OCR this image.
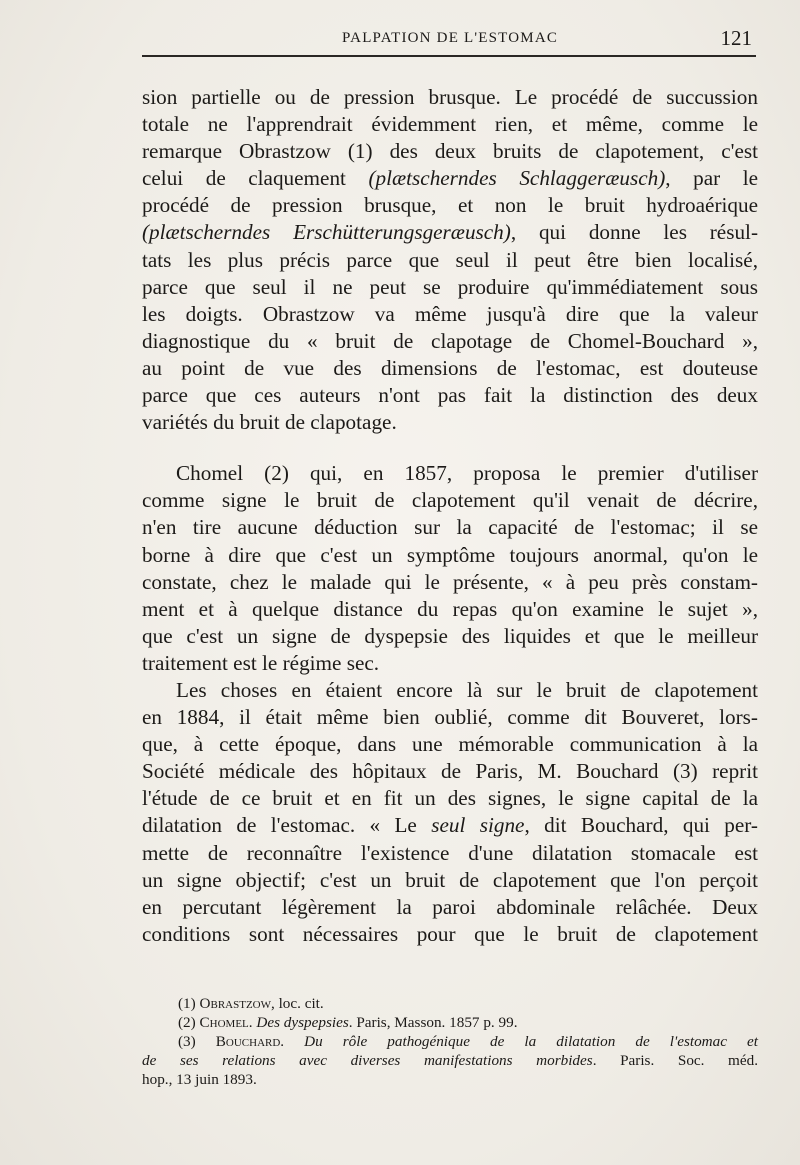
PALPATION DE L'ESTOMAC	121
sion partielle ou de pression brusque. Le procédé de succussion
totale ne l'apprendrait évidemment rien, et même, comme le
remarque Obrastzow (1) des deux bruits de clapotement, c'est
celui de claquement (plætscherndes Schlaggeræusch), par le
procédé de pression brusque, et non le bruit hydroaérique
(plætscherndes Erschütterungsgeræusch), qui donne les résul-
tats les plus précis parce que seul il peut être bien localisé,
parce que seul il ne peut se produire qu'immédiatement sous
les doigts. Obrastzow va même jusqu'à dire que la valeur
diagnostique du « bruit de clapotage de Chomel-Bouchard »,
au point de vue des dimensions de l'estomac, est douteuse
parce que ces auteurs n'ont pas fait la distinction des deux
variétés du bruit de clapotage.
Chomel (2) qui, en 1857, proposa le premier d'utiliser
comme signe le bruit de clapotement qu'il venait de décrire,
n'en tire aucune déduction sur la capacité de l'estomac; il se
borne à dire que c'est un symptôme toujours anormal, qu'on le
constate, chez le malade qui le présente, « à peu près constam-
ment et à quelque distance du repas qu'on examine le sujet »,
que c'est un signe de dyspepsie des liquides et que le meilleur
traitement est le régime sec.
Les choses en étaient encore là sur le bruit de clapotement
en 1884, il était même bien oublié, comme dit Bouveret, lors-
que, à cette époque, dans une mémorable communication à la
Société médicale des hôpitaux de Paris, M. Bouchard (3) reprit
l'étude de ce bruit et en fit un des signes, le signe capital de la
dilatation de l'estomac. « Le seul signe, dit Bouchard, qui per-
mette de reconnaître l'existence d'une dilatation stomacale est
un signe objectif; c'est un bruit de clapotement que l'on perçoit
en percutant légèrement la paroi abdominale relâchée. Deux
conditions sont nécessaires pour que le bruit de clapotement
(1) Obrastzow, loc. cit.
(2) Chomel. Des dyspepsies. Paris, Masson. 1857 p. 99.
(3) Bouchard. Du rôle pathogénique de la dilatation de l'estomac et
de ses relations avec diverses manifestations morbides. Paris. Soc. méd.
hop., 13 juin 1893.
